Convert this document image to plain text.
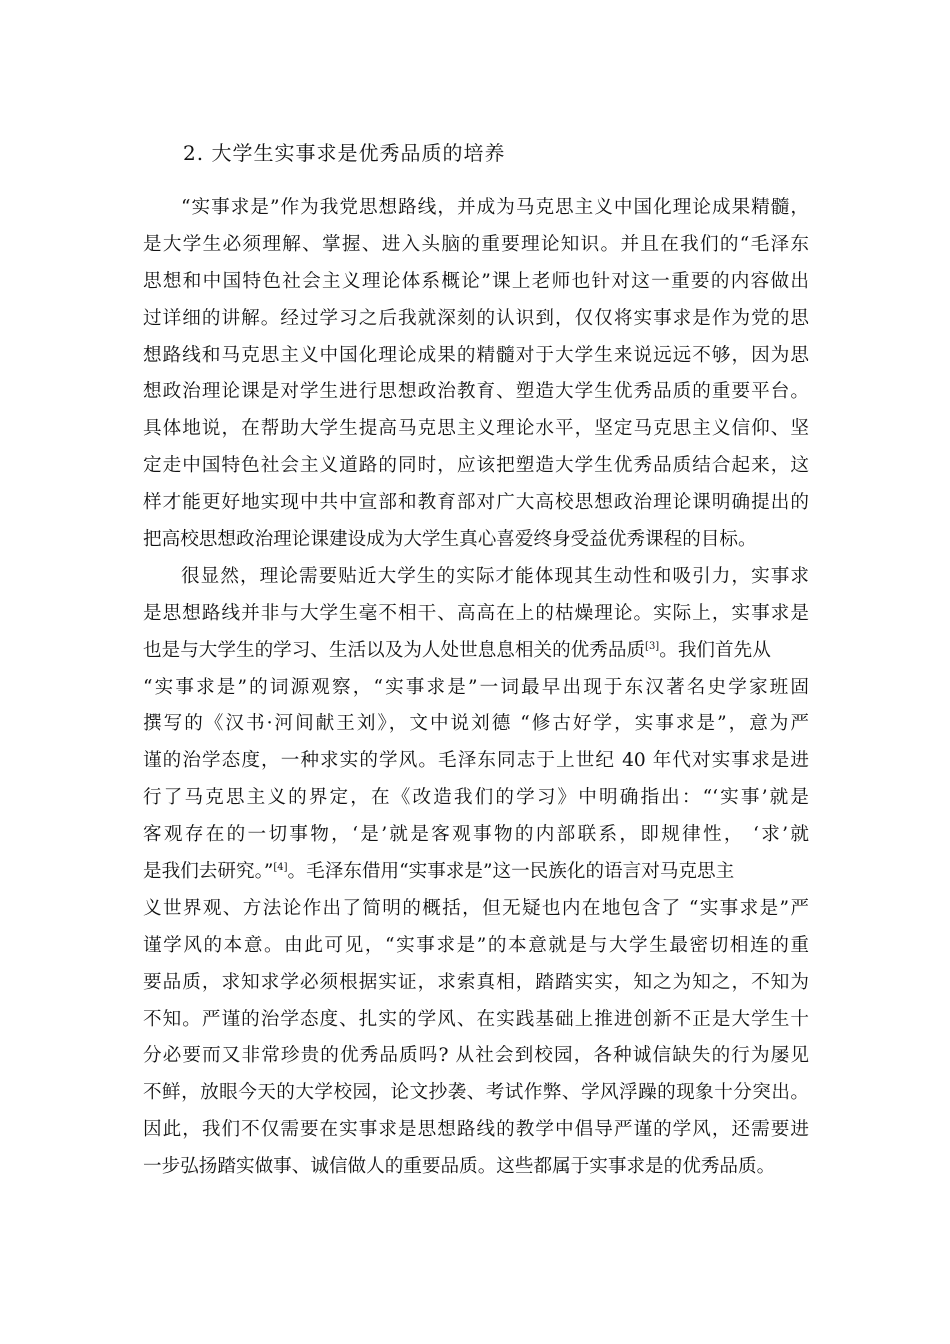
2. 大学生实事求是优秀品质的培养
“实事求是”作为我党思想路线，并成为马克思主义中国化理论成果精髓，
是大学生必须理解、掌握、进入头脑的重要理论知识。并且在我们的“毛泽东
思想和中国特色社会主义理论体系概论”课上老师也针对这一重要的内容做出
过详细的讲解。经过学习之后我就深刻的认识到，仅仅将实事求是作为党的思
想路线和马克思主义中国化理论成果的精髓对于大学生来说远远不够，因为思
想政治理论课是对学生进行思想政治教育、塑造大学生优秀品质的重要平台。
具体地说，在帮助大学生提高马克思主义理论水平，坚定马克思主义信仰、坚
定走中国特色社会主义道路的同时，应该把塑造大学生优秀品质结合起来，这
样才能更好地实现中共中宣部和教育部对广大高校思想政治理论课明确提出的
把高校思想政治理论课建设成为大学生真心喜爱终身受益优秀课程的目标。
很显然，理论需要贴近大学生的实际才能体现其生动性和吸引力，实事求
是思想路线并非与大学生毫不相干、高高在上的枯燥理论。实际上，实事求是
也是与大学生的学习、生活以及为人处世息息相关的优秀品质[3]。我们首先从
“实事求是”的词源观察，“实事求是”一词最早出现于东汉著名史学家班固
撰写的《汉书·河间献王刘》，文中说刘德 “修古好学，实事求是”，意为严
谨的治学态度，一种求实的学风。毛泽东同志于上世纪 40 年代对实事求是进
行了马克思主义的界定，在《改造我们的学习》中明确指出：“‘实事’就是
客观存在的一切事物，‘是’就是客观事物的内部联系，即规律性， ‘求’就
是我们去研究。”[4]。毛泽东借用“实事求是”这一民族化的语言对马克思主
义世界观、方法论作出了简明的概括，但无疑也内在地包含了 “实事求是”严
谨学风的本意。由此可见，“实事求是”的本意就是与大学生最密切相连的重
要品质，求知求学必须根据实证，求索真相，踏踏实实，知之为知之，不知为
不知。严谨的治学态度、扎实的学风、在实践基础上推进创新不正是大学生十
分必要而又非常珍贵的优秀品质吗? 从社会到校园，各种诚信缺失的行为屡见
不鲜，放眼今天的大学校园，论文抄袭、考试作弊、学风浮躁的现象十分突出。
因此，我们不仅需要在实事求是思想路线的教学中倡导严谨的学风，还需要进
一步弘扬踏实做事、诚信做人的重要品质。这些都属于实事求是的优秀品质。
